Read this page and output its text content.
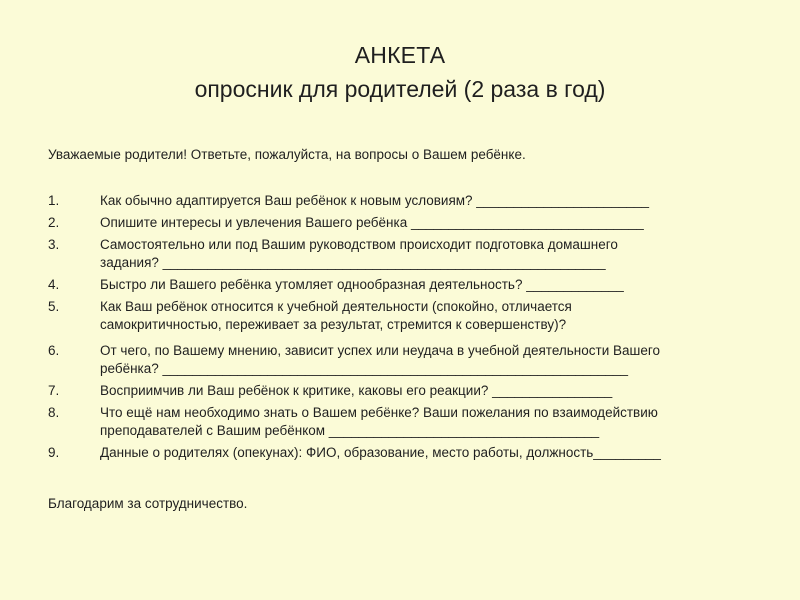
АНКЕТА
опросник для родителей (2 раза в год)
Уважаемые родители! Ответьте, пожалуйста, на вопросы о Вашем ребёнке.
1.	Как обычно адаптируется Ваш ребёнок к новым условиям? _______________________
2.	Опишите интересы и увлечения Вашего ребёнка _______________________________
3.	Самостоятельно или под Вашим руководством происходит подготовка домашнего
задания? ___________________________________________________________
4.	Быстро ли Вашего ребёнка утомляет однообразная деятельность? _____________
5.	Как Ваш ребёнок относится к учебной деятельности (спокойно, отличается
самокритичностью, переживает за результат, стремится к совершенству)?
6.	От чего, по Вашему мнению, зависит успех или неудача в учебной деятельности Вашего
ребёнка? ______________________________________________________________
7.	Восприимчив ли Ваш ребёнок к критике, каковы его реакции? ________________
8.	Что ещё нам необходимо знать о Вашем ребёнке? Ваши пожелания по взаимодействию
преподавателей с Вашим ребёнком ____________________________________
9.	Данные о родителях (опекунах): ФИО, образование, место работы, должность_________
Благодарим за сотрудничество.
